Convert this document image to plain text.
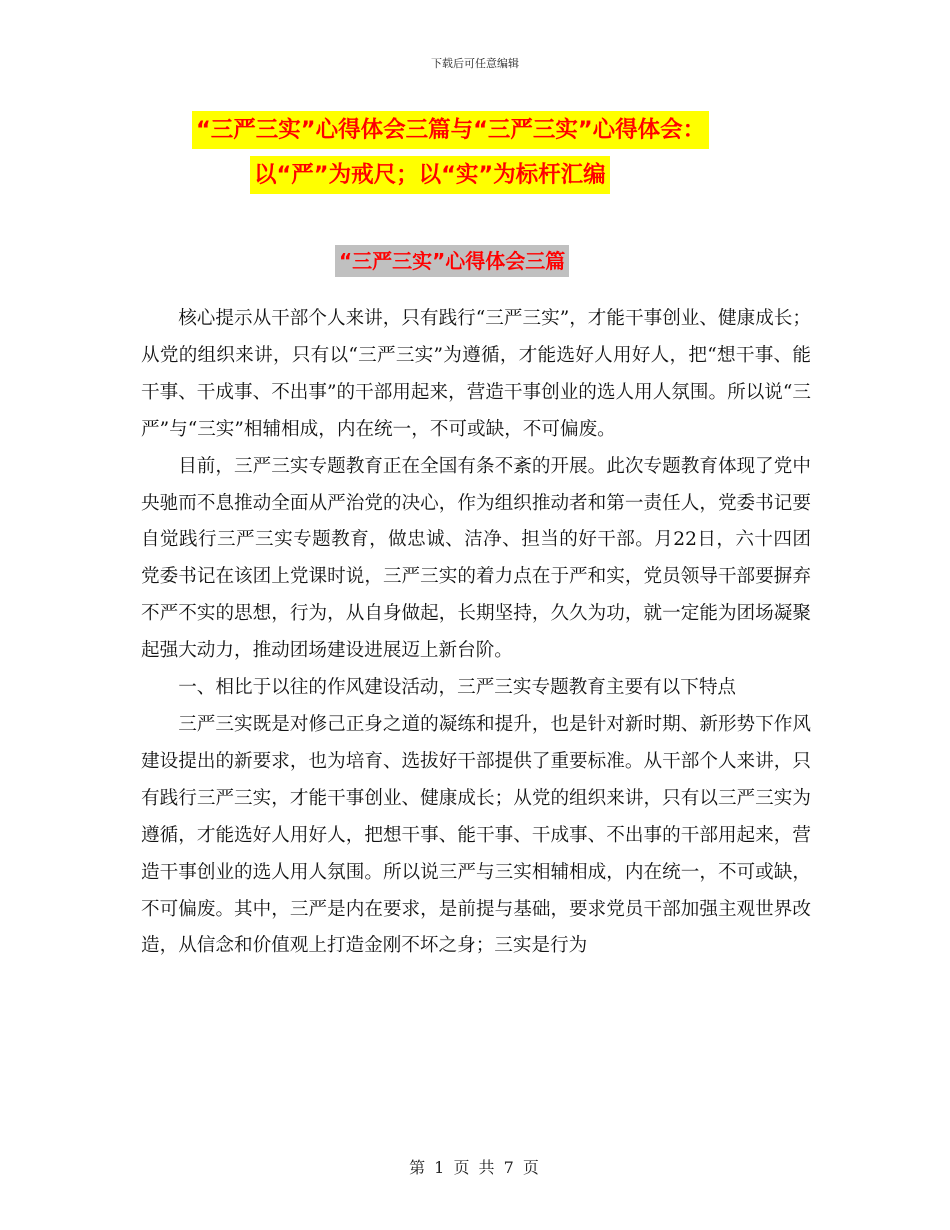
下载后可任意编辑
“三严三实”心得体会三篇与“三严三实”心得体会：
以“严”为戒尺；以“实”为标杆汇编
“三严三实”心得体会三篇

核心提示从干部个人来讲，只有践行“三严三实”，才能干事创业、健康成长；从党的组织来讲，只有以“三严三实”为遵循，才能选好人用好人，把“想干事、能干事、干成事、不出事”的干部用起来，营造干事创业的选人用人氛围。所以说“三严”与“三实”相辅相成，内在统一，不可或缺，不可偏废。

目前，三严三实专题教育正在全国有条不紊的开展。此次专题教育体现了党中央驰而不息推动全面从严治党的决心，作为组织推动者和第一责任人，党委书记要自觉践行三严三实专题教育，做忠诚、洁净、担当的好干部。月22日，六十四团党委书记在该团上党课时说，三严三实的着力点在于严和实，党员领导干部要摒弃不严不实的思想，行为，从自身做起，长期坚持，久久为功，就一定能为团场凝聚起强大动力，推动团场建设进展迈上新台阶。

一、相比于以往的作风建设活动，三严三实专题教育主要有以下特点

三严三实既是对修己正身之道的凝练和提升，也是针对新时期、新形势下作风建设提出的新要求，也为培育、选拔好干部提供了重要标准。从干部个人来讲，只有践行三严三实，才能干事创业、健康成长；从党的组织来讲，只有以三严三实为遵循，才能选好人用好人，把想干事、能干事、干成事、不出事的干部用起来，营造干事创业的选人用人氛围。所以说三严与三实相辅相成，内在统一，不可或缺，不可偏废。其中，三严是内在要求，是前提与基础，要求党员干部加强主观世界改造，从信念和价值观上打造金刚不坏之身；三实是行为

第 1 页 共 7 页
